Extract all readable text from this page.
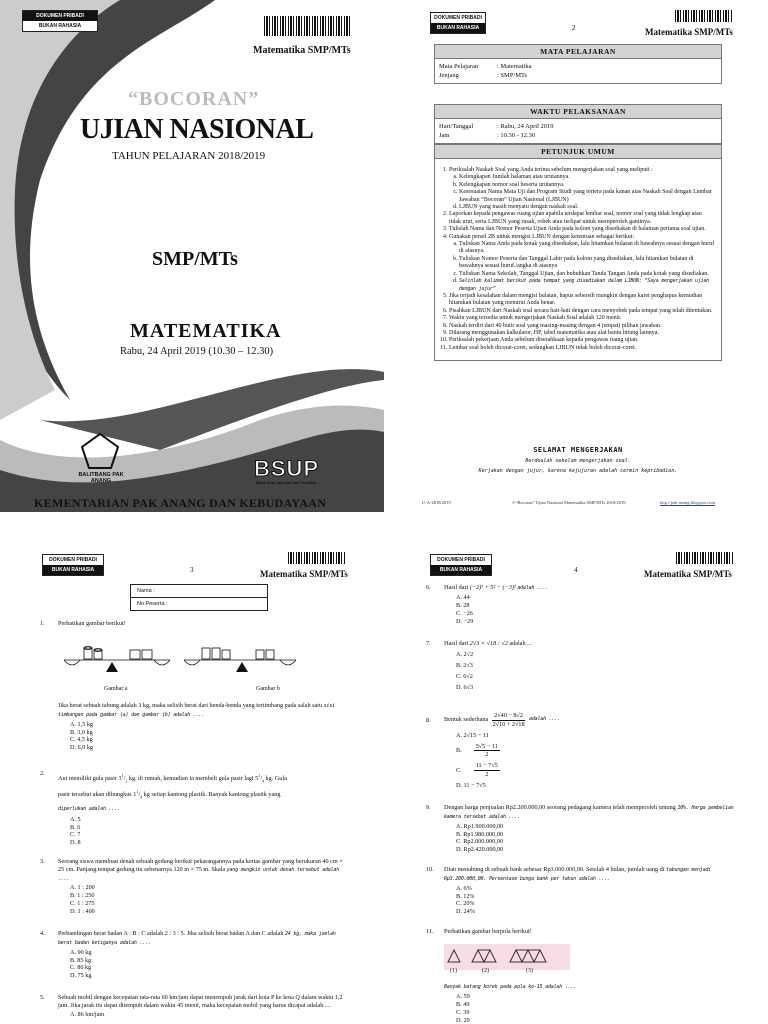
DOKUMEN PRIBADI
BUKAN RAHASIA
Matematika SMP/MTs
“BOCORAN”
UJIAN NASIONAL
TAHUN PELAJARAN 2018/2019
SMP/MTs
MATEMATIKA
Rabu, 24 April 2019 (10.30 – 12.30)
BALITBANG PAK ANANG	BSUP
Bank Soal UjiLuba dan Prediksi
KEMENTARIAN PAK ANANG DAN KEBUDAYAAN
DOKUMEN PRIBADI
BUKAN RAHASIA	2	Matematika SMP/MTs
MATA PELAJARAN
Mata Pelajaran	: Matematika
Jenjang	: SMP/MTs
WAKTU PELAKSANAAN
Hari/Tanggal	: Rabu, 24 April 2019
Jam	: 10.30 - 12.30
PETUNJUK UMUM
1. Periksalah Naskah Soal yang Anda terima sebelum mengerjakan soal yang meliputi :
a. Kelengkapan Jumlah halaman atau urutannya.
b. Kelengkapan nomor soal beserta urutannya.
c. Kesesuaian Nama Mata Uji dan Program Studi yang tertera pada kanan atas Naskah Soal dengan Lembar Jawaban “Bocoran” Ujian Nasional (LJBUN)
d. LJBUN yang masih menyatu dengan naskah soal.
2. Laporkan kepada pengawas ruang ujian apabila terdapat lembar soal, nomor soal yang tidak lengkap atau tidak urut, serta LJBUN yang rusak, robek atau terlipat untuk memperoleh gantinya.
3. Tulislah Nama dan Nomor Peserta Ujian Anda pada kolom yang disediakan di halaman pertama soal ujian.
4. Gunakan pensil 2B untuk mengisi LJBUN dengan ketentuan sebagai berikut:
a. Tuliskan Nama Anda pada kotak yang disediakan, lalu hitamkan bulatan di bawahnya sesuai dengan huruf di atasnya.
b. Tuliskan Nomor Peserta dan Tanggal Lahir pada kolom yang disediakan, lalu hitamkan bulatan di bawahnya sesuai huruf./angka di atasnya
c. Tuliskan Nama Sekolah, Tanggal Ujian, dan bubuhkan Tanda Tangan Anda pada kotak yang disediakan.
d. Salinlah kalimat berikut pada tempat yang disediakan dalam LJBUN: “Saya mengerjakan ujian dengan jujur”
5. Jika terjadi kesalahan dalam mengisi bulatan, hapus sebersih mungkin dengan karet penghapus kemudian hitamkan bulatan yang menurut Anda benar.
6. Pisahkan LJBUN dari Naskah soal secara hati-hati dengan cara menyobek pada tempat yang telah ditentukan.
7. Waktu yang tersedia untuk mengerjakan Naskah Soal adalah 120 menit.
8. Naskah terdiri dari 40 butir soal yang masing-masing dengan 4 (empat) pilihan jawaban.
9. Dilarang menggunakan kalkulator, HP, tabel matematika atau alat bantu hitung lainnya.
10. Periksalah pekerjaan Anda sebelum diserahkaan kepada pengawas ruang ujian.
11. Lembar soal boleh dicorat-coret, sedangkan LJBUN tidak boleh dicorat-coret.
SELAMAT MENGERJAKAN
Berdoalah sebelum mengerjakan soal.
Kerjakan dengan jujur, karena kejujuran adalah cermin kepribadian.
U-A-2018/2019	©“Bocoran” Ujian Nasional Matematika SMP/MTs 2018/2019	http://pak-anang.blogspot.com
DOKUMEN PRIBADI
BUKAN RAHASIA	3	Matematika SMP/MTs
Nama :
No Peserta :
1. Perhatikan gambar berikut!
Gambar a	Gambar b
Jika berat sebuah tabung adalah 3 kg, maka selisih berat dari benda-benda yang tertimbang pada salah satu sisi timbangan pada gambar (a) dan gambar (b) adalah ....
A. 1,5 kg
B. 3,0 kg
C. 4,5 kg
D. 6,0 kg
2.
Ani memiliki gula pasir $3^1/_2$ kg. di rumah, kemudian ia membeli gula pasir lagi $5^1/_4$ kg. Gula
pasir tersebut akan dibungkus $1^1/_4$ kg setiap kantong plastik. Banyak kantong plastik yang
diperlukan adalah ....
A. 5
B. 6
C. 7
D. 8
3. Seorang siswa membuat denah sebuah gedung berikut pekarangannya pada kertas gambar yang berukuran 40 cm × 25 cm. Panjang tempat gedung itu sebenarnya 120 m × 75 m. Skala yang mungkin untuk denah tersebut adalah ....
A. 1 : 200
B. 1 : 250
C. 1 : 275
D. 1 : 400
4. Perbandingan berat badan A : B : C adalah 2 : 3 : 5. Jika selisih berat badan A dan C adalah 24 kg, maka jumlah berat badan ketiganya adalah ....
A. 90 kg
B. 85 kg
C. 80 kg
D. 75 kg
5. Sebuah mobil dengan kecepatan rata-rata 60 km/jam dapat menempuh jarak dari kota P ke kota Q dalam waktu 1,2 jam. Jika jarak itu dapat ditempuh dalam waktu 45 menit, maka kecepatan mobil yang harus dicapai adalah ....
A. 86 km/jam
DOKUMEN PRIBADI
BUKAN RAHASIA	4	Matematika SMP/MTs
6. Hasil dari (−2)³ + 5² − (−3)² adalah ....
A. 44
B. 28
C. −26
D. −29
7. Hasil dari 2√3 × √18 : √2 adalah ...
A. 2√2
B. 2√3
C. 6√2
D. 6√3
8. Bentuk sederhana
2√40 − 8√2
2√10 + 2√18
adalah ....
A. 2√15 − 11
B.
5√5 − 11
2
C.
11 − 7√5
2
D. 11 − 7√5
9. Dengan harga penjualan Rp2.200.000,00 seorang pedagang kamera telah memperoleh untung 10%. Harga pembelian kamera tersebut adalah ....
A. Rp1.900.000,00
B. Rp1.980.000,00
C. Rp2.000.000,00
D. Rp2.420.000,00
10. Dian menabung di sebuah bank sebesar Rp3.000.000,00. Setelah 4 bulan, jumlah uang di tabungan menjadi Rp3.200.000,00. Persentase bunga bank per tahun adalah ....
A. 6%
B. 12%
C. 20%
D. 24%
11. Perhatikan gambar berpola berikut!
(1)	(2)	(3)
Banyak batang korek pada pola ke-15 adalah ....
A. 59
B. 49
C. 39
D. 29
